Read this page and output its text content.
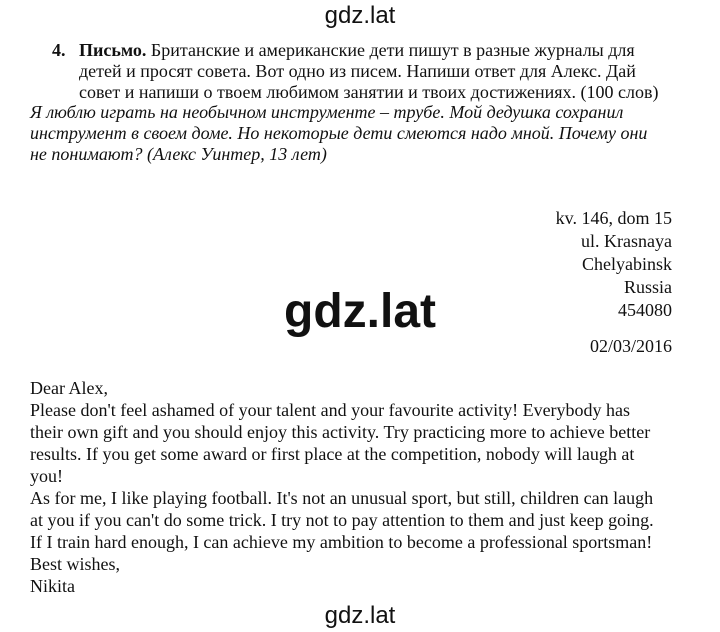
gdz.lat
4. Письмо. Британские и американские дети пишут в разные журналы для
детей и просят совета. Вот одно из писем. Напиши ответ для Алекс. Дай
совет и напиши о твоем любимом занятии и твоих достижениях. (100 слов)
Я люблю играть на необычном инструменте – трубе. Мой дедушка сохранил
инструмент в своем доме. Но некоторые дети смеются надо мной. Почему они
не понимают? (Алекс Уинтер, 13 лет)
kv. 146, dom 15
ul. Krasnaya
Chelyabinsk
Russia
454080
gdz.lat
02/03/2016
Dear Alex,
Please don't feel ashamed of your talent and your favourite activity! Everybody has
their own gift and you should enjoy this activity. Try practicing more to achieve better
results. If you get some award or first place at the competition, nobody will laugh at
you!
As for me, I like playing football. It's not an unusual sport, but still, children can laugh
at you if you can't do some trick. I try not to pay attention to them and just keep going.
If I train hard enough, I can achieve my ambition to become a professional sportsman!
Best wishes,
Nikita
gdz.lat
